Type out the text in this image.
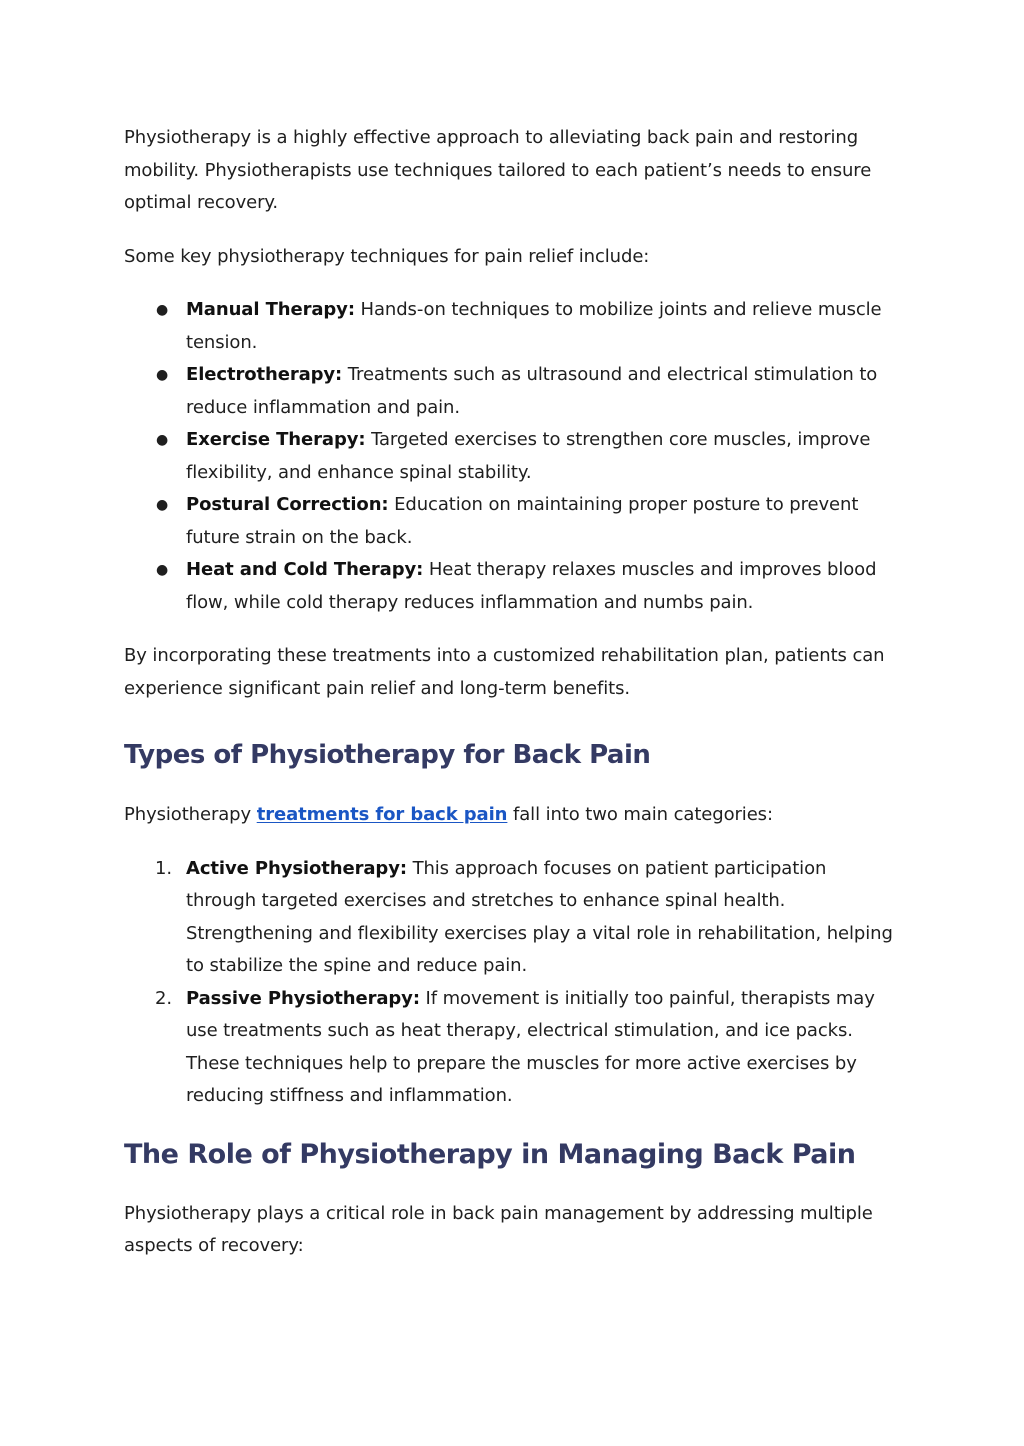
Physiotherapy is a highly effective approach to alleviating back pain and restoring mobility. Physiotherapists use techniques tailored to each patient’s needs to ensure optimal recovery.

Some key physiotherapy techniques for pain relief include:

● Manual Therapy: Hands-on techniques to mobilize joints and relieve muscle tension.
● Electrotherapy: Treatments such as ultrasound and electrical stimulation to reduce inflammation and pain.
● Exercise Therapy: Targeted exercises to strengthen core muscles, improve flexibility, and enhance spinal stability.
● Postural Correction: Education on maintaining proper posture to prevent future strain on the back.
● Heat and Cold Therapy: Heat therapy relaxes muscles and improves blood flow, while cold therapy reduces inflammation and numbs pain.

By incorporating these treatments into a customized rehabilitation plan, patients can experience significant pain relief and long-term benefits.

Types of Physiotherapy for Back Pain

Physiotherapy treatments for back pain fall into two main categories:

1. Active Physiotherapy: This approach focuses on patient participation through targeted exercises and stretches to enhance spinal health. Strengthening and flexibility exercises play a vital role in rehabilitation, helping to stabilize the spine and reduce pain.
2. Passive Physiotherapy: If movement is initially too painful, therapists may use treatments such as heat therapy, electrical stimulation, and ice packs. These techniques help to prepare the muscles for more active exercises by reducing stiffness and inflammation.
The Role of Physiotherapy in Managing Back Pain

Physiotherapy plays a critical role in back pain management by addressing multiple aspects of recovery:
